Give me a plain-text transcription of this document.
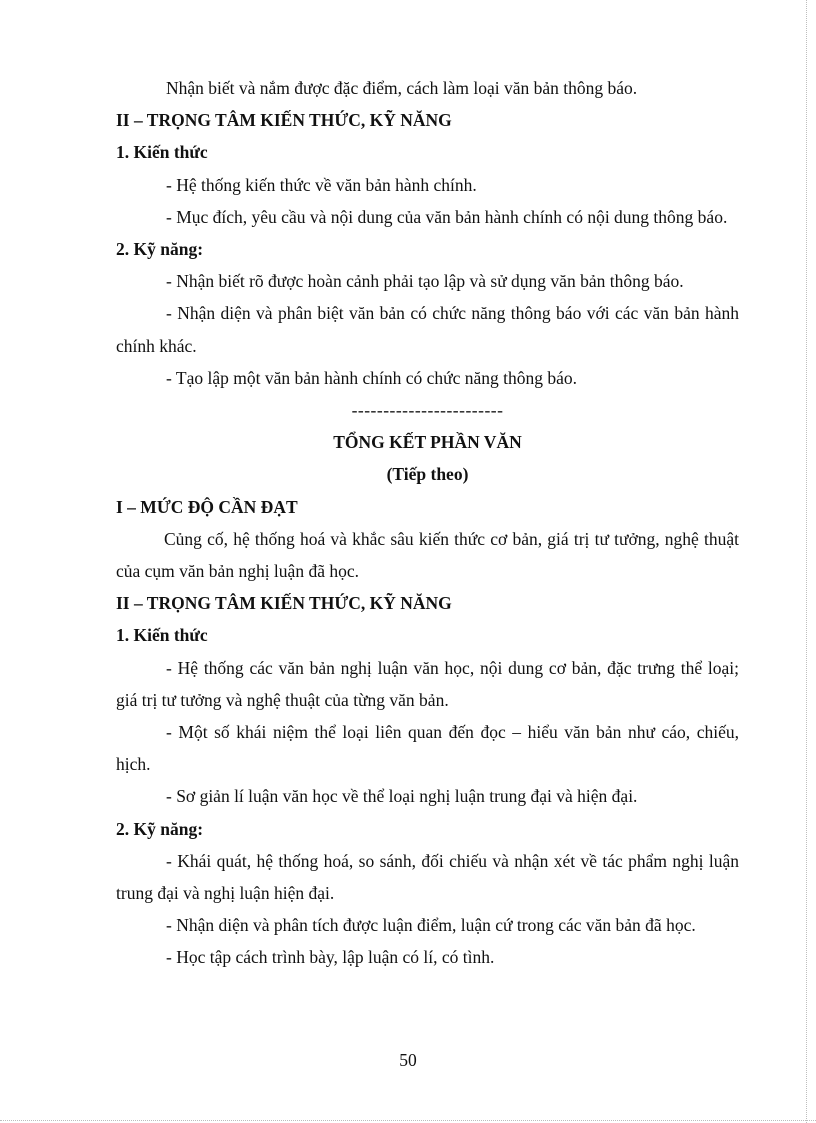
Nhận biết và nắm được đặc điểm, cách làm loại văn bản thông báo.

II – TRỌNG TÂM KIẾN THỨC, KỸ NĂNG

1. Kiến thức

- Hệ thống kiến thức về văn bản hành chính.

- Mục đích, yêu cầu và nội dung của văn bản hành chính có nội dung thông báo.

2. Kỹ năng:

- Nhận biết rõ được hoàn cảnh phải tạo lập và sử dụng văn bản thông báo.

- Nhận diện và phân biệt văn bản có chức năng thông báo với các văn bản hành chính khác.

- Tạo lập một văn bản hành chính có chức năng thông báo.

------------------------

TỔNG KẾT PHẦN VĂN

(Tiếp theo)

I – MỨC ĐỘ CẦN ĐẠT

Củng cố, hệ thống hoá và khắc sâu kiến thức cơ bản, giá trị tư tưởng, nghệ thuật của cụm văn bản nghị luận đã học.

II – TRỌNG TÂM KIẾN THỨC, KỸ NĂNG

1. Kiến thức

- Hệ thống các văn bản nghị luận văn học, nội dung cơ bản, đặc trưng thể loại; giá trị tư tưởng và nghệ thuật của từng văn bản.

- Một số khái niệm thể loại liên quan đến đọc – hiểu văn bản như cáo, chiếu, hịch.

- Sơ giản lí luận văn học về thể loại nghị luận trung đại và hiện đại.

2. Kỹ năng:

- Khái quát, hệ thống hoá, so sánh, đối chiếu và nhận xét về tác phẩm nghị luận trung đại và nghị luận hiện đại.

- Nhận diện và phân tích được luận điểm, luận cứ trong các văn bản đã học.

- Học tập cách trình bày, lập luận có lí, có tình.

50
